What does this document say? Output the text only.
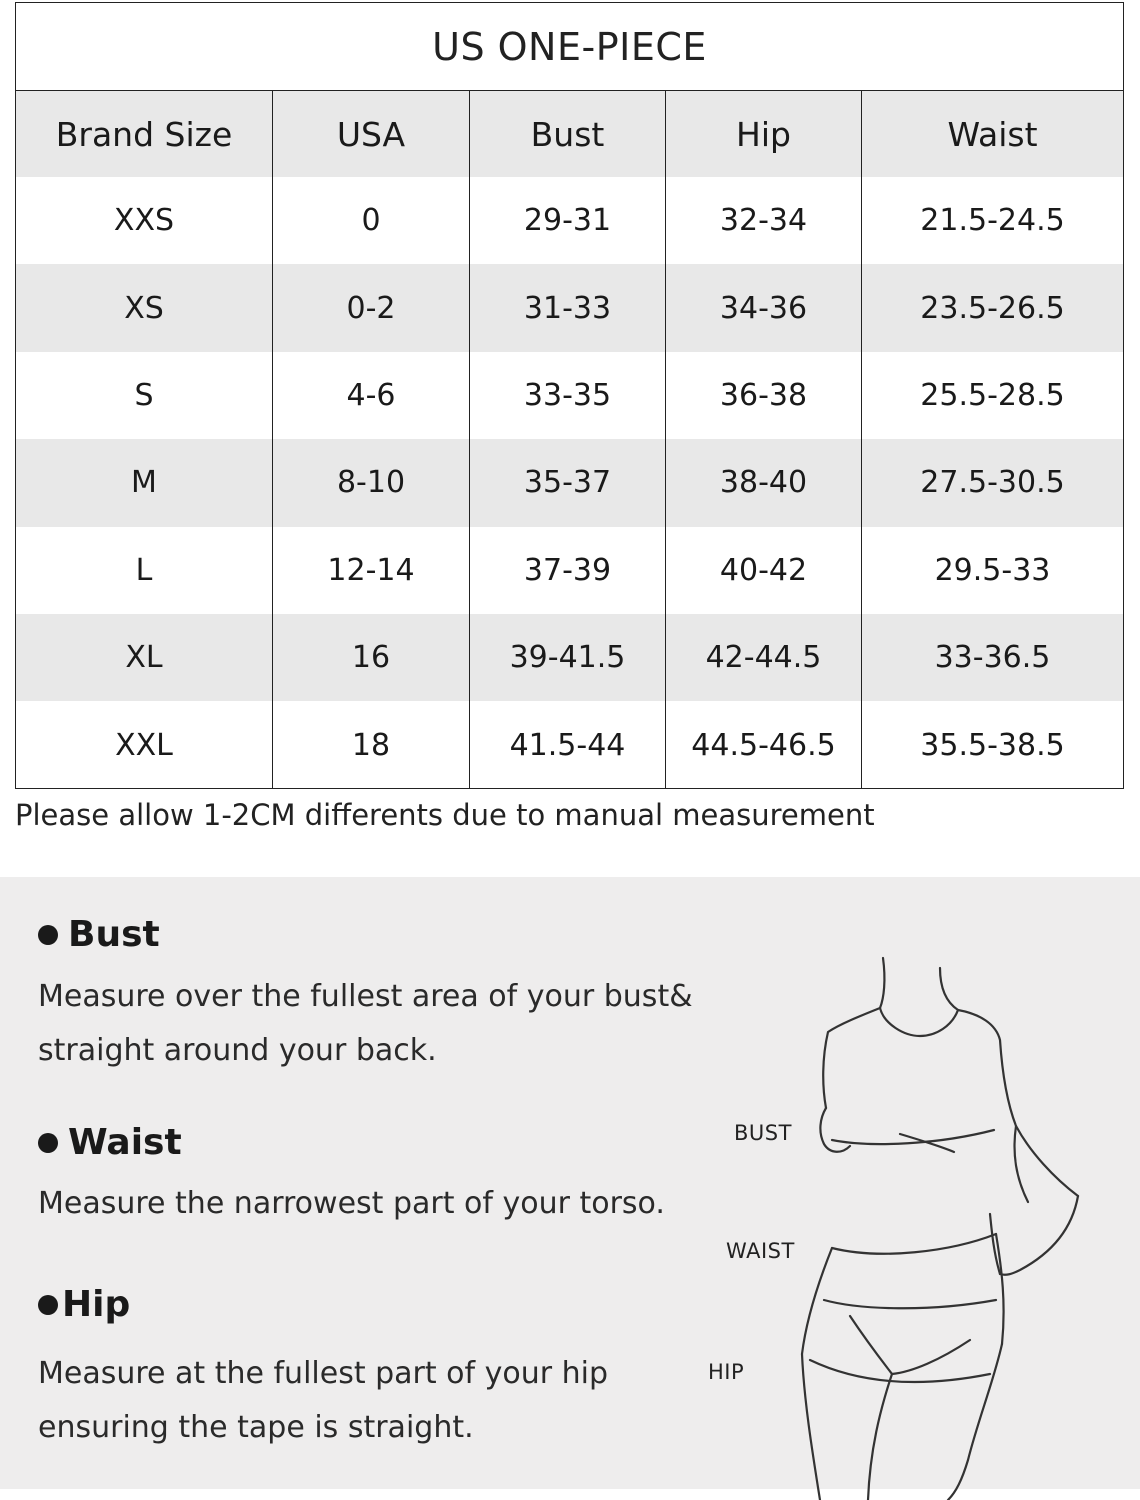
US ONE-PIECE
Brand Size	USA	Bust	Hip	Waist
XXS	0	29-31	32-34	21.5-24.5
XS	0-2	31-33	34-36	23.5-26.5
S	4-6	33-35	36-38	25.5-28.5
M	8-10	35-37	38-40	27.5-30.5
L	12-14	37-39	40-42	29.5-33
XL	16	39-41.5	42-44.5	33-36.5
XXL	18	41.5-44	44.5-46.5	35.5-38.5
Please allow 1-2CM differents due to manual measurement
Bust
Measure over the fullest area of your bust&
straight around your back.
Waist
Measure the narrowest part of your torso.
Hip
Measure at the fullest part of your hip
ensuring the tape is straight.
BUST
WAIST
HIP
